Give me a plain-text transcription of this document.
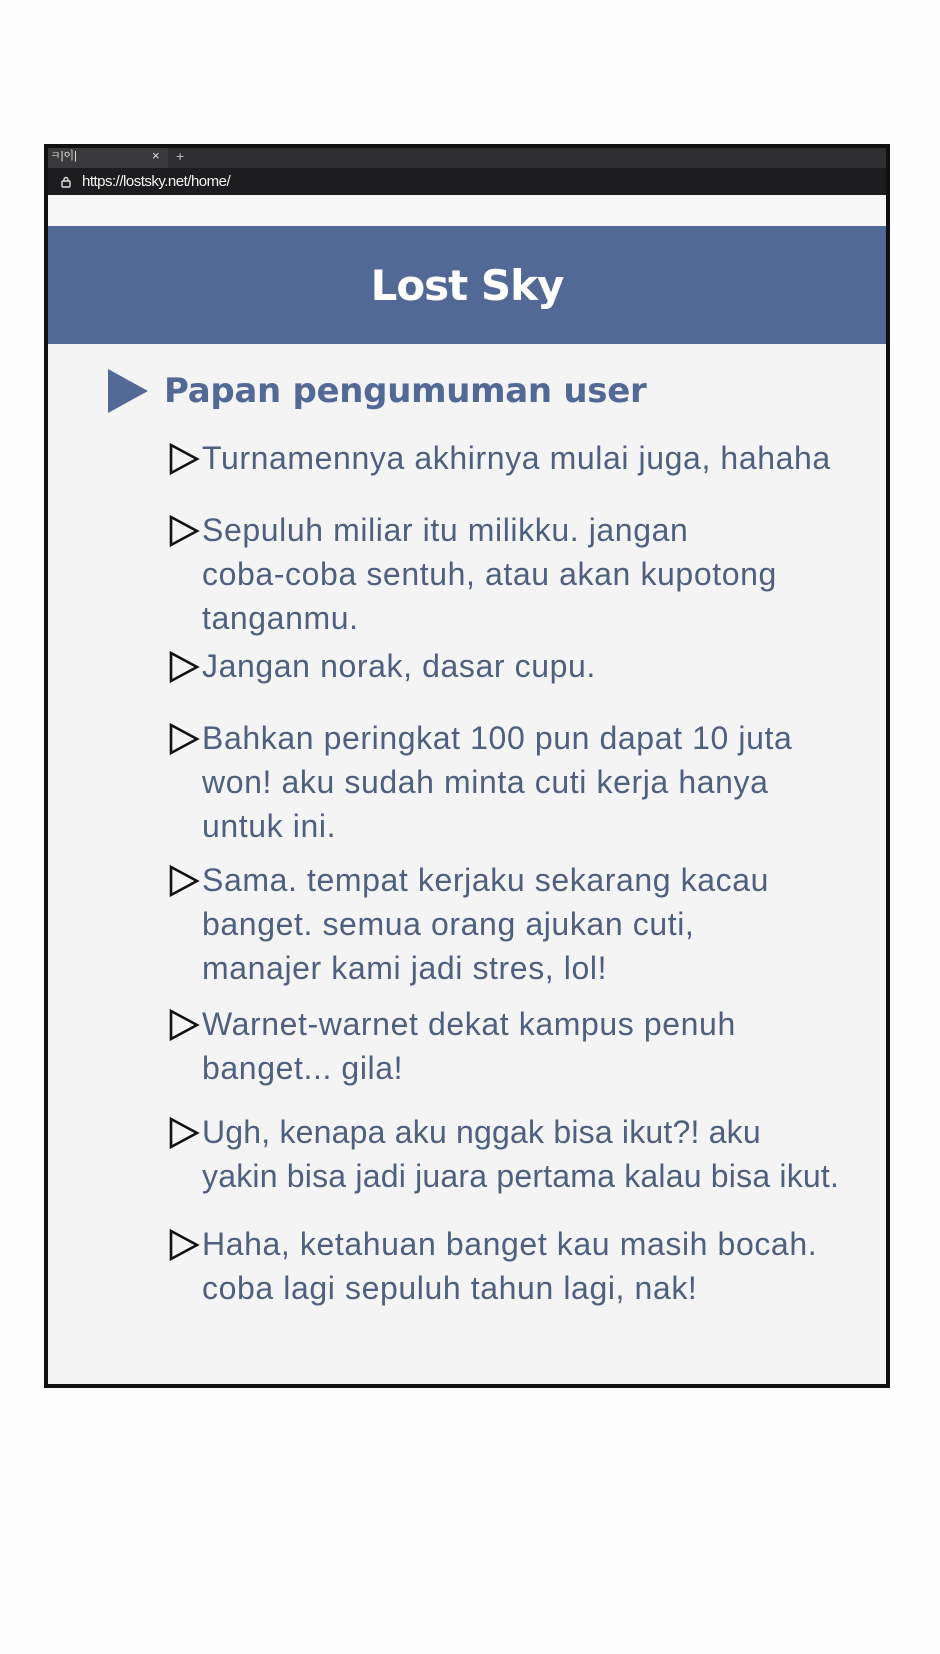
ㅋ|이|	× +
https://lostsky.net/home/
Lost Sky
Papan pengumuman user
Turnamennya akhirnya mulai juga, hahaha
Sepuluh miliar itu milikku. jangan
coba-coba sentuh, atau akan kupotong
tanganmu.
Jangan norak, dasar cupu.
Bahkan peringkat 100 pun dapat 10 juta
won! aku sudah minta cuti kerja hanya
untuk ini.
Sama. tempat kerjaku sekarang kacau
banget. semua orang ajukan cuti,
manajer kami jadi stres, lol!
Warnet-warnet dekat kampus penuh
banget... gila!
Ugh, kenapa aku nggak bisa ikut?! aku
yakin bisa jadi juara pertama kalau bisa ikut.
Haha, ketahuan banget kau masih bocah.
coba lagi sepuluh tahun lagi, nak!
